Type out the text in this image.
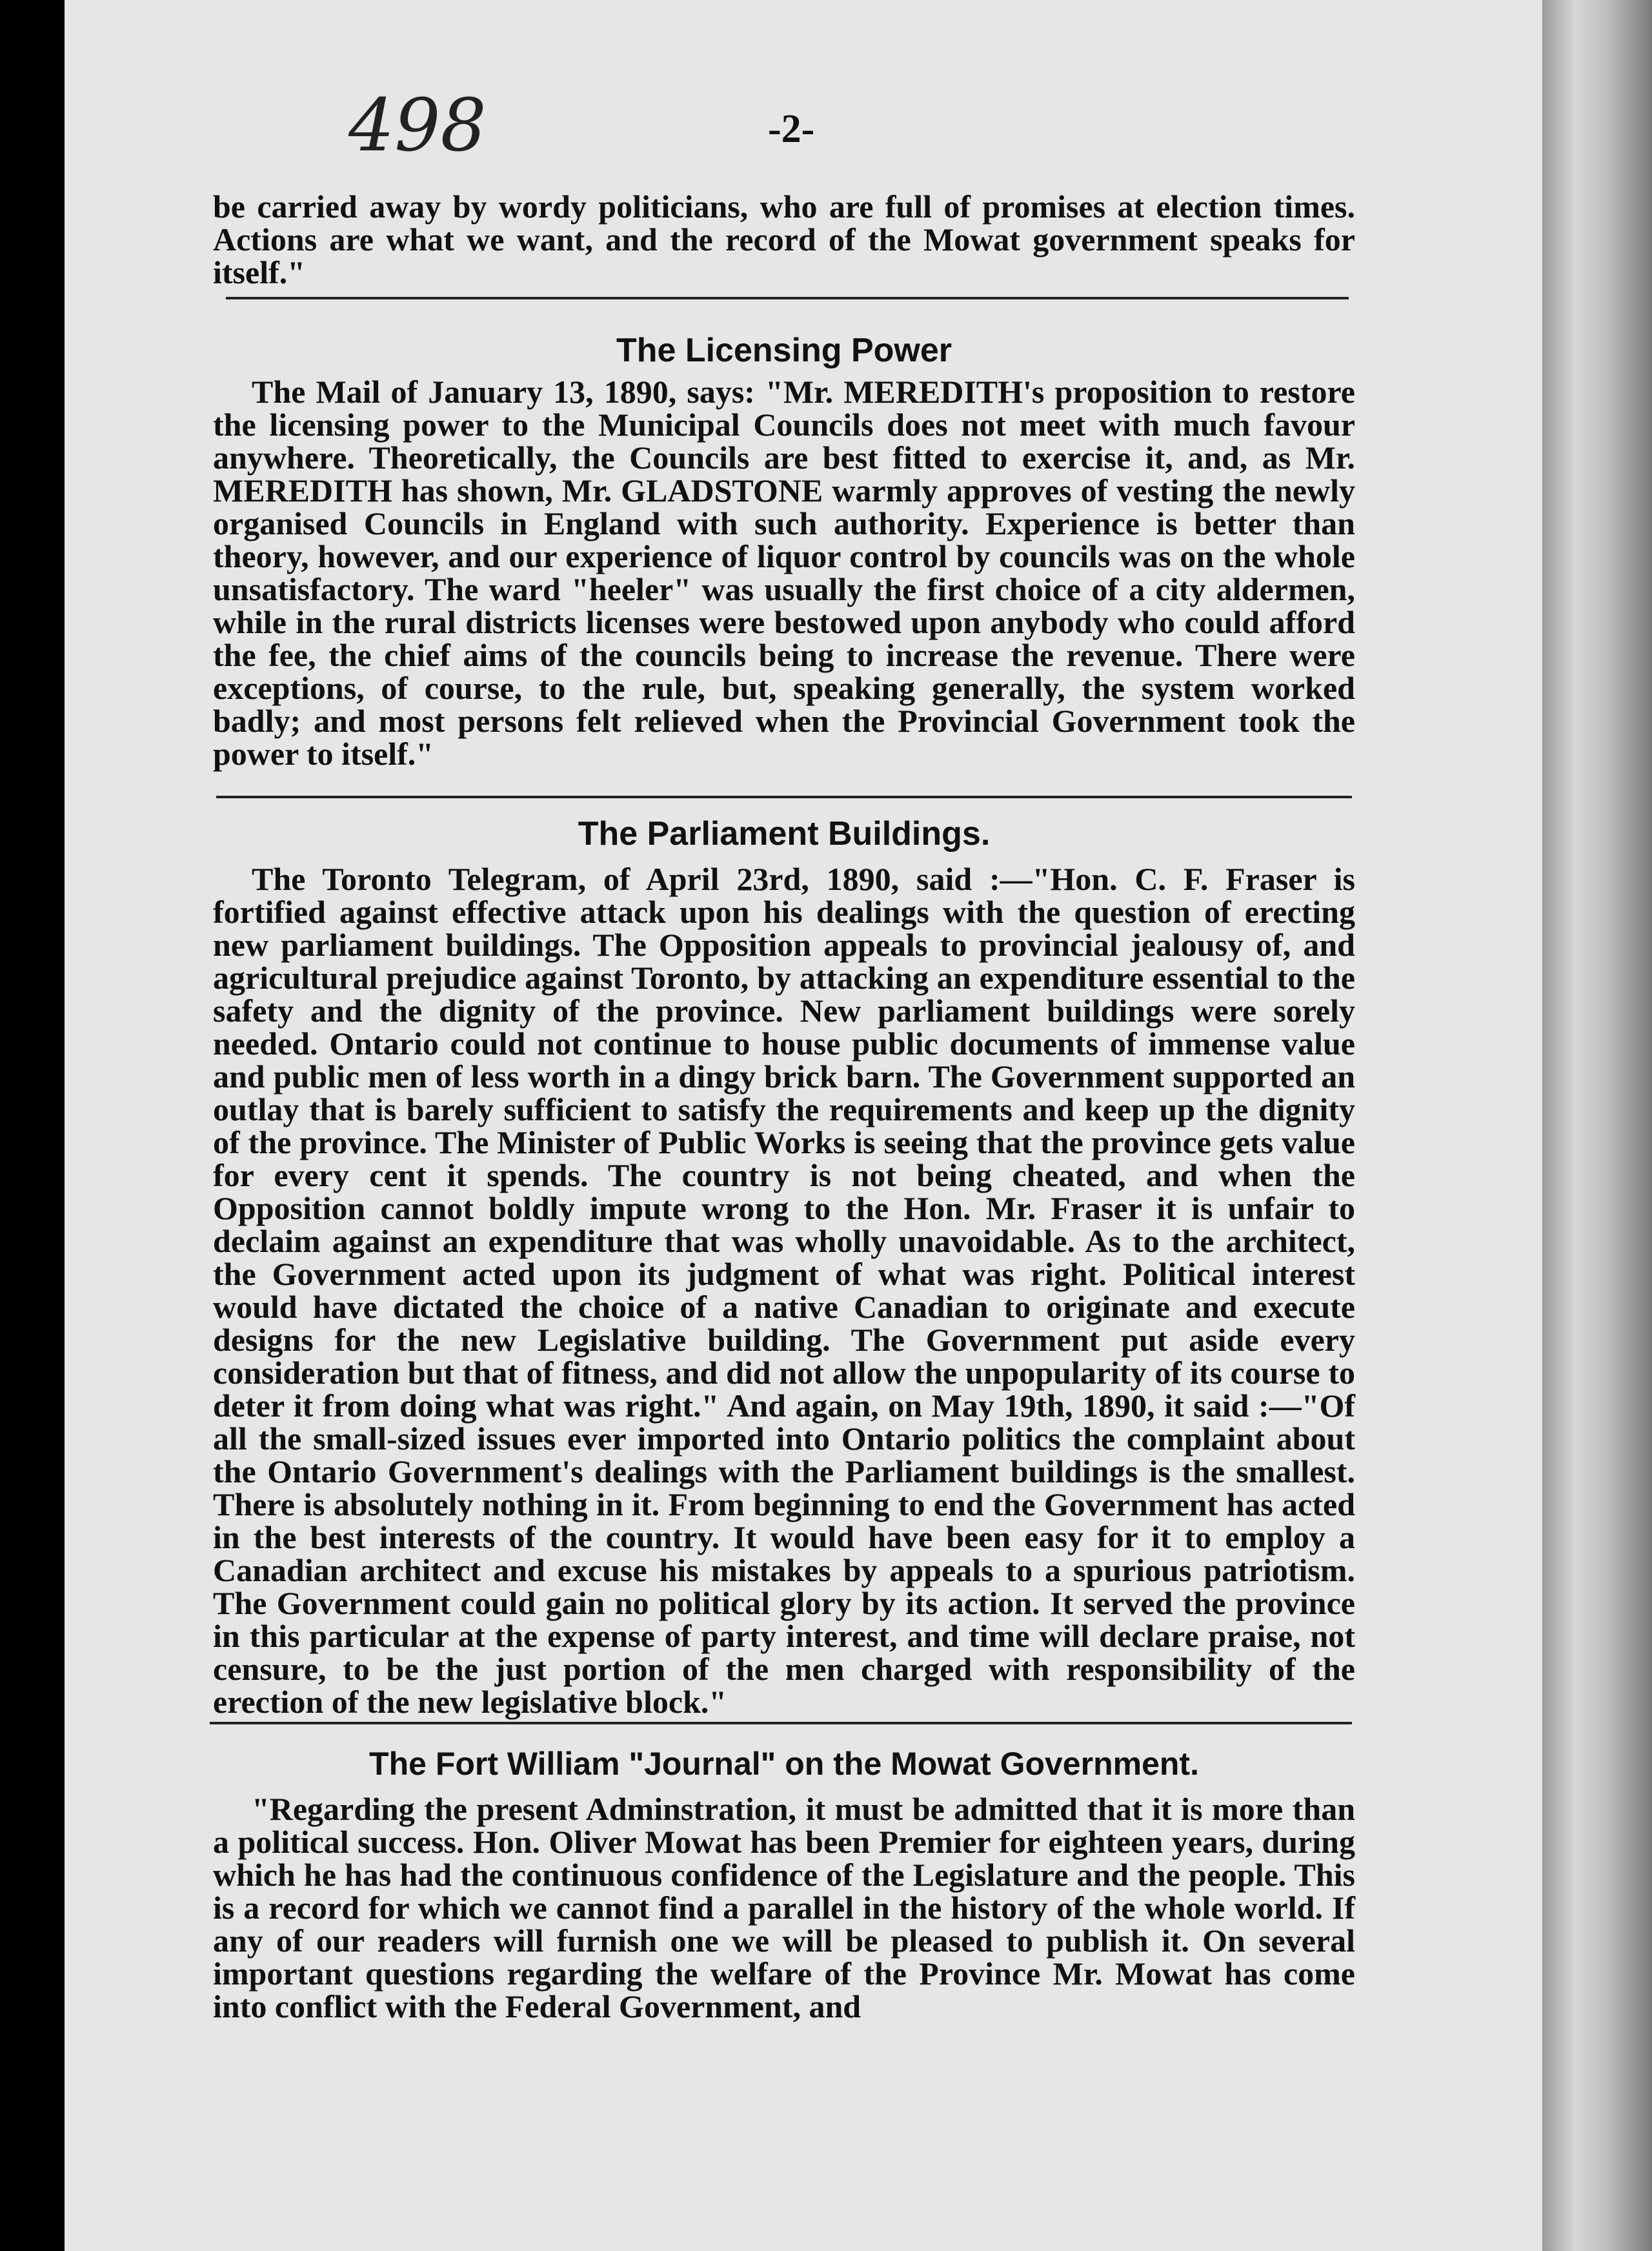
498	-2-

be carried away by wordy politicians, who are full of promises at election times. Actions are what we want, and the record of the Mowat government speaks for itself."

The Licensing Power

The Mail of January 13, 1890, says: "Mr. MEREDITH's proposition to restore the licensing power to the Municipal Councils does not meet with much favour anywhere. Theoretically, the Councils are best fitted to exercise it, and, as Mr. MEREDITH has shown, Mr. GLADSTONE warmly approves of vesting the newly organised Councils in England with such authority. Experience is better than theory, however, and our experience of liquor control by councils was on the whole unsatisfactory. The ward "heeler" was usually the first choice of a city aldermen, while in the rural districts licenses were bestowed upon anybody who could afford the fee, the chief aims of the councils being to increase the revenue. There were exceptions, of course, to the rule, but, speaking generally, the system worked badly; and most persons felt relieved when the Provincial Government took the power to itself."

The Parliament Buildings.

The Toronto Telegram, of April 23rd, 1890, said :—"Hon. C. F. Fraser is fortified against effective attack upon his dealings with the question of erecting new parliament buildings. The Opposition appeals to provincial jealousy of, and agricultural prejudice against Toronto, by attacking an expenditure essential to the safety and the dignity of the province. New parliament buildings were sorely needed. Ontario could not continue to house public documents of immense value and public men of less worth in a dingy brick barn. The Government supported an outlay that is barely sufficient to satisfy the requirements and keep up the dignity of the province. The Minister of Public Works is seeing that the province gets value for every cent it spends. The country is not being cheated, and when the Opposition cannot boldly impute wrong to the Hon. Mr. Fraser it is unfair to declaim against an expenditure that was wholly unavoidable. As to the architect, the Government acted upon its judgment of what was right. Political interest would have dictated the choice of a native Canadian to originate and execute designs for the new Legislative building. The Government put aside every consideration but that of fitness, and did not allow the unpopularity of its course to deter it from doing what was right." And again, on May 19th, 1890, it said :—"Of all the small-sized issues ever imported into Ontario politics the complaint about the Ontario Government's dealings with the Parliament buildings is the smallest. There is absolutely nothing in it. From beginning to end the Government has acted in the best interests of the country. It would have been easy for it to employ a Canadian architect and excuse his mistakes by appeals to a spurious patriotism. The Government could gain no political glory by its action. It served the province in this particular at the expense of party interest, and time will declare praise, not censure, to be the just portion of the men charged with responsibility of the erection of the new legislative block."

The Fort William "Journal" on the Mowat Government.

"Regarding the present Adminstration, it must be admitted that it is more than a political success. Hon. Oliver Mowat has been Premier for eighteen years, during which he has had the continuous confidence of the Legislature and the people. This is a record for which we cannot find a parallel in the history of the whole world. If any of our readers will furnish one we will be pleased to publish it. On several important questions regarding the welfare of the Province Mr. Mowat has come into conflict with the Federal Government, and
